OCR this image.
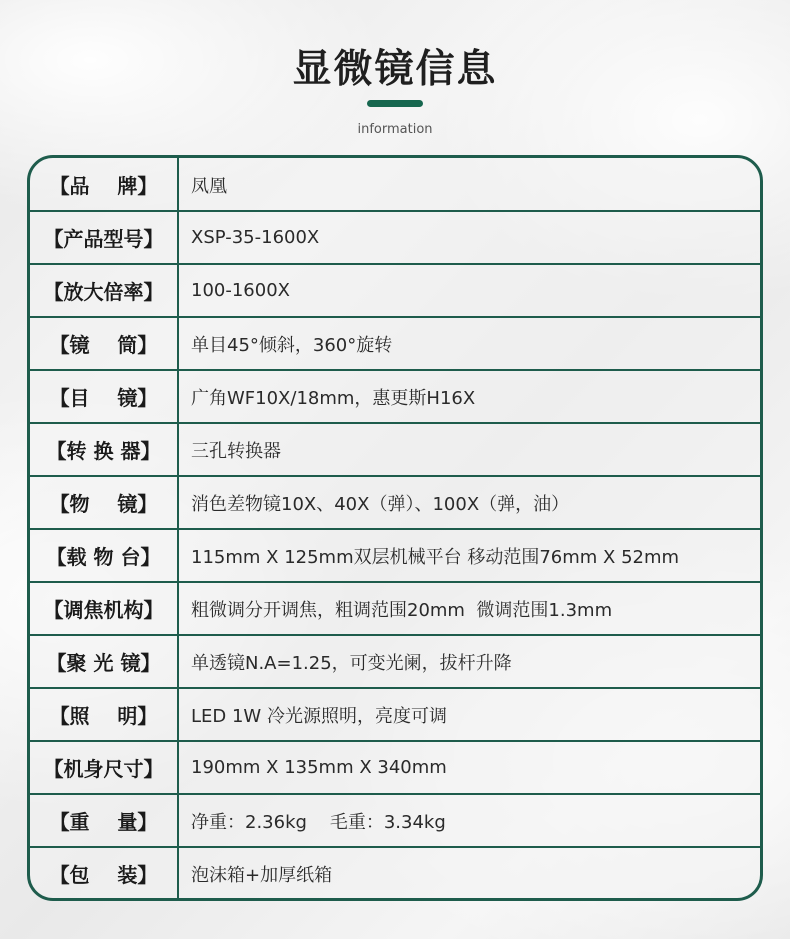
显微镜信息
information
【品    牌】	凤凰
【产品型号】	XSP-35-1600X
【放大倍率】	100-1600X
【镜    筒】	单目45°倾斜，360°旋转
【目    镜】	广角WF10X/18mm，惠更斯H16X
【转 换 器】	三孔转换器
【物    镜】	消色差物镜10X、40X（弹）、100X（弹，油）
【载 物 台】	115mm X 125mm双层机械平台 移动范围76mm X 52mm
【调焦机构】	粗微调分开调焦，粗调范围20mm  微调范围1.3mm
【聚 光 镜】	单透镜N.A=1.25，可变光阑，拔杆升降
【照    明】	LED 1W 冷光源照明，亮度可调
【机身尺寸】	190mm X 135mm X 340mm
【重    量】	净重：2.36kg    毛重：3.34kg
【包    装】	泡沫箱+加厚纸箱
